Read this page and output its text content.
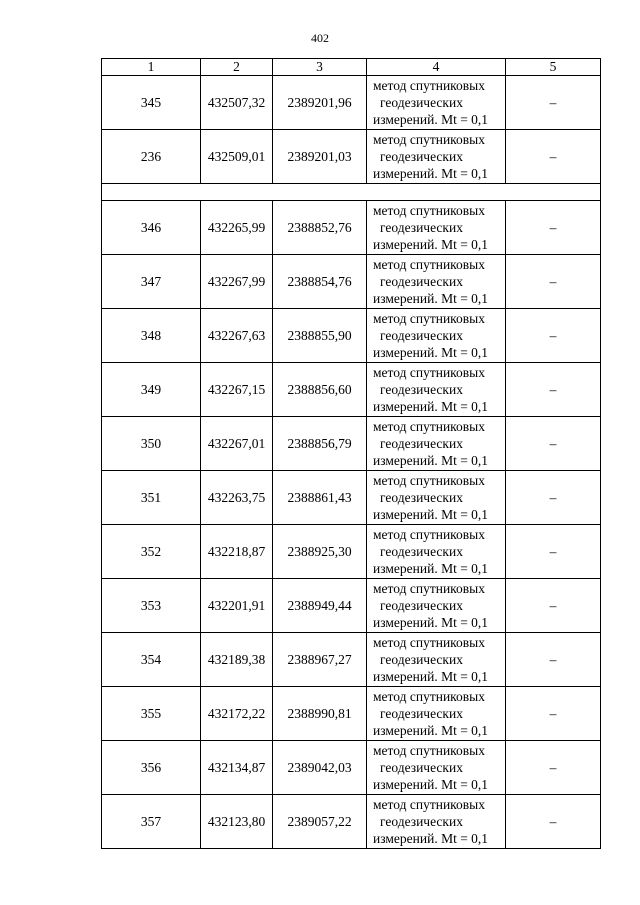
402
1	2	3	4	5
345	432507,32	2389201,96	метод спутниковых
геодезических
измерений. Mt = 0,1	–
236	432509,01	2389201,03	метод спутниковых
геодезических
измерений. Mt = 0,1	–

346	432265,99	2388852,76	метод спутниковых
геодезических
измерений. Mt = 0,1	–
347	432267,99	2388854,76	метод спутниковых
геодезических
измерений. Mt = 0,1	–
348	432267,63	2388855,90	метод спутниковых
геодезических
измерений. Mt = 0,1	–
349	432267,15	2388856,60	метод спутниковых
геодезических
измерений. Mt = 0,1	–
350	432267,01	2388856,79	метод спутниковых
геодезических
измерений. Mt = 0,1	–
351	432263,75	2388861,43	метод спутниковых
геодезических
измерений. Mt = 0,1	–
352	432218,87	2388925,30	метод спутниковых
геодезических
измерений. Mt = 0,1	–
353	432201,91	2388949,44	метод спутниковых
геодезических
измерений. Mt = 0,1	–
354	432189,38	2388967,27	метод спутниковых
геодезических
измерений. Mt = 0,1	–
355	432172,22	2388990,81	метод спутниковых
геодезических
измерений. Mt = 0,1	–
356	432134,87	2389042,03	метод спутниковых
геодезических
измерений. Mt = 0,1	–
357	432123,80	2389057,22	метод спутниковых
геодезических
измерений. Mt = 0,1	–
